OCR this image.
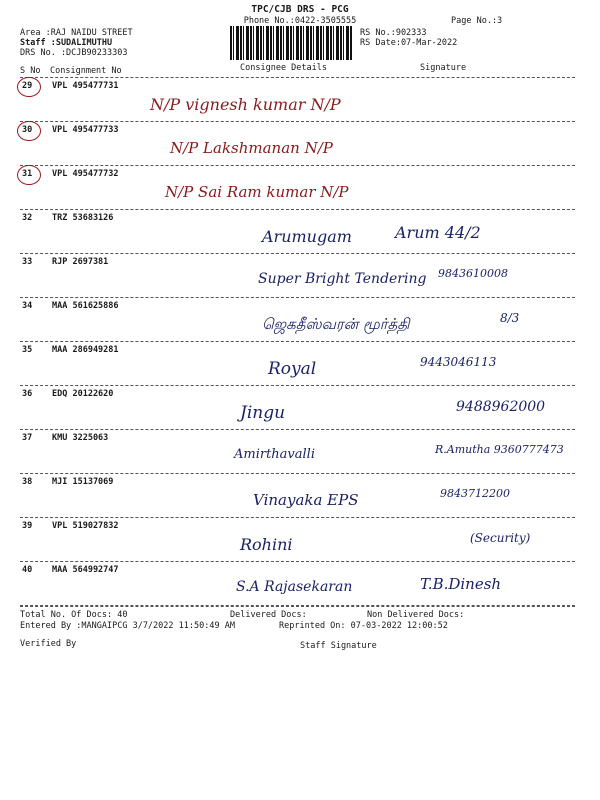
TPC/CJB DRS - PCG
Phone No.:0422-3505555	Page No.:3
Area :RAJ NAIDU STREET
Staff :SUDALIMUTHU
DRS No. :DCJB90233303
RS No.:902333
RS Date:07-Mar-2022
S No Consignment No	Consignee Details	Signature
29 VPL 495477731
N/P vignesh kumar N/P
30 VPL 495477733
N/P Lakshmanan N/P
31 VPL 495477732
N/P Sai Ram kumar N/P
32 TRZ 53683126
Arumugam	Arum 44/2
33 RJP 2697381
Super Bright Tendering 9843610008
34 MAA 561625886
ஜெகதீஸ்வரன் மூர்த்தி	8/3
35 MAA 286949281
Royal	9443046113
36 EDQ 20122620
Jingu	9488962000
37 KMU 3225063
Amirthavalli	R.Amutha 9360777473
38 MJI 15137069
Vinayaka EPS	9843712200
39 VPL 519027832
Rohini	(Security)
40 MAA 564992747
S.A Rajasekaran	T.B.Dinesh
Total No. Of Docs: 40	Delivered Docs:	Non Delivered Docs:
Entered By :MANGAIPCG 3/7/2022 11:50:49 AM	Reprinted On: 07-03-2022 12:00:52
Verified By	Staff Signature
